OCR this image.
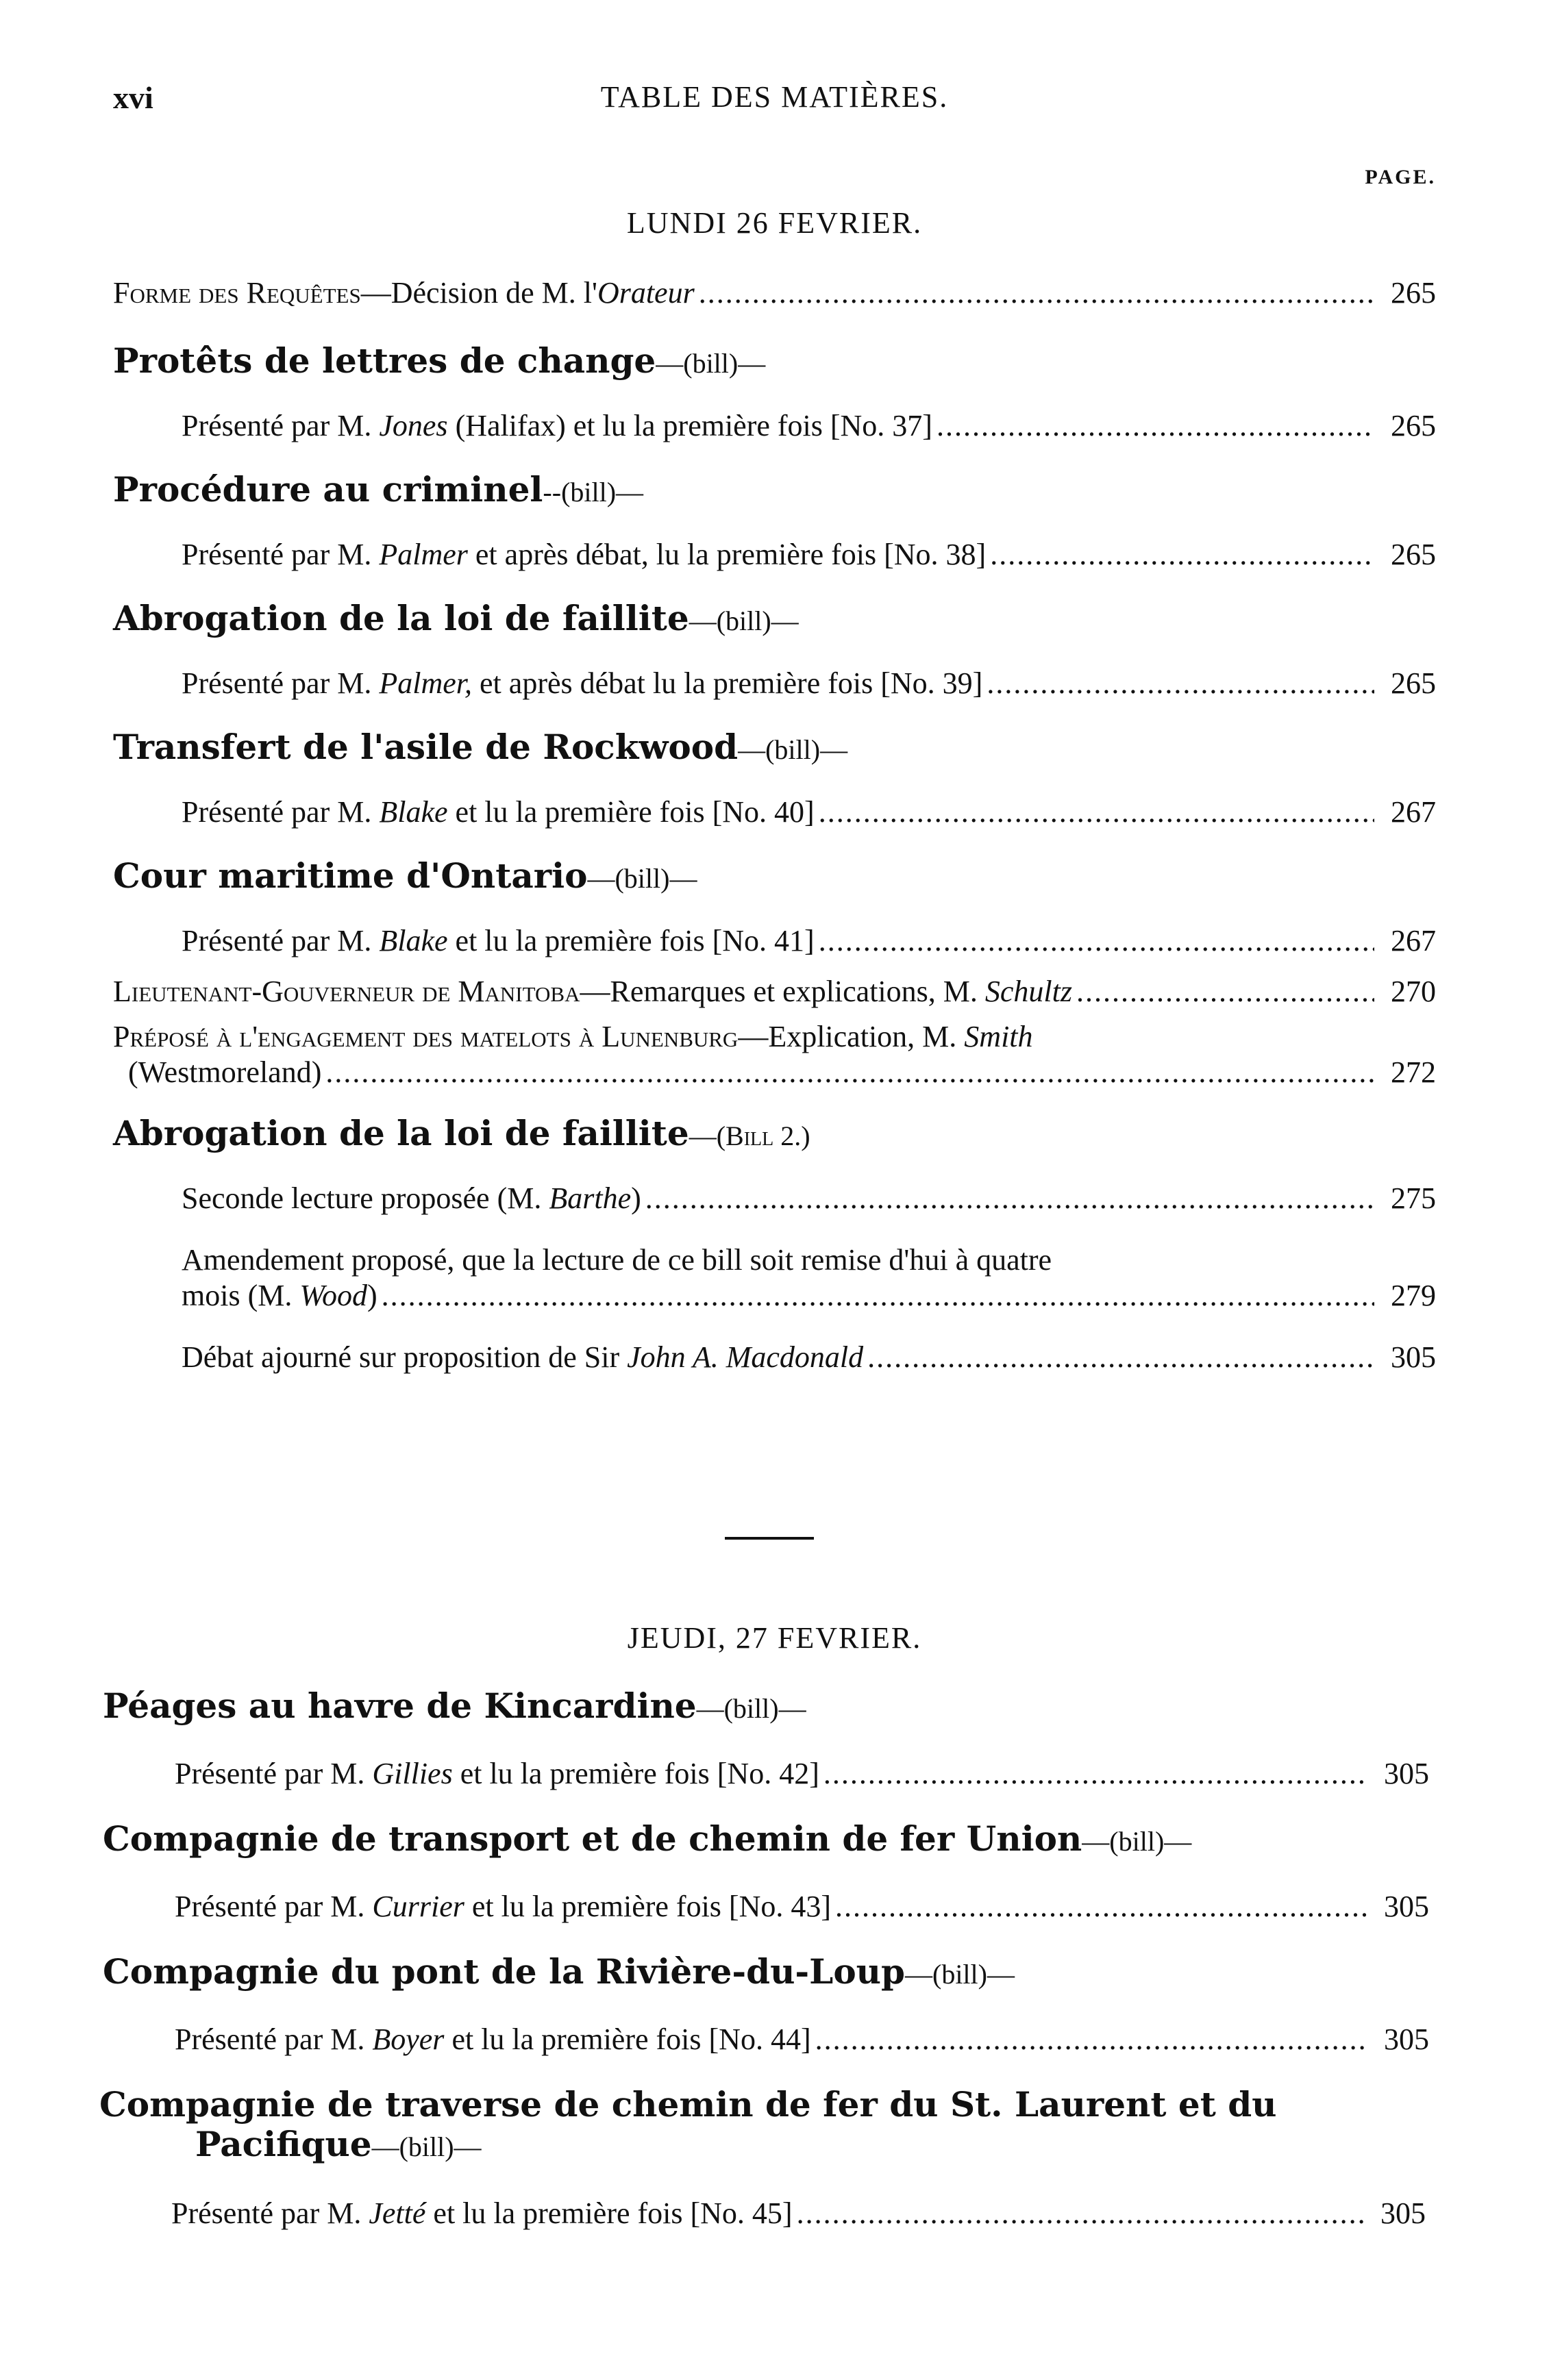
xvi	TABLE DES MATIÈRES.
PAGE.
LUNDI 26 FEVRIER.
Forme des Requêtes—Décision de M. l'Orateur .....	265
Protêts de lettres de change—(bill)—
Présenté par M. Jones (Halifax) et lu la première fois [No. 37] .....	265
Procédure au criminel--(bill)—
Présenté par M. Palmer et après débat, lu la première fois [No. 38] .....	265
Abrogation de la loi de faillite—(bill)—
Présenté par M. Palmer, et après débat lu la première fois [No. 39] .....	265
Transfert de l'asile de Rockwood—(bill)—
Présenté par M. Blake et lu la première fois [No. 40] .....	267
Cour maritime d'Ontario—(bill)—
Présenté par M. Blake et lu la première fois [No. 41] .....	267
Lieutenant-Gouverneur de Manitoba—Remarques et explications, M. Schultz .....	270
Préposé à l'engagement des matelots à Lunenburg—Explication, M. Smith
(Westmoreland) .....	272
Abrogation de la loi de faillite—(Bill 2.)
Seconde lecture proposée (M. Barthe) .....	275
Amendement proposé, que la lecture de ce bill soit remise d'hui à quatre
mois (M. Wood) .....	279
Débat ajourné sur proposition de Sir John A. Macdonald .....	305
JEUDI, 27 FEVRIER.
Péages au havre de Kincardine—(bill)—
Présenté par M. Gillies et lu la première fois [No. 42] .....	305
Compagnie de transport et de chemin de fer Union—(bill)—
Présenté par M. Currier et lu la première fois [No. 43] .....	305
Compagnie du pont de la Rivière-du-Loup—(bill)—
Présenté par M. Boyer et lu la première fois [No. 44] .....	305
Compagnie de traverse de chemin de fer du St. Laurent et du
Pacifique—(bill)—
Présenté par M. Jetté et lu la première fois [No. 45] .....	305
